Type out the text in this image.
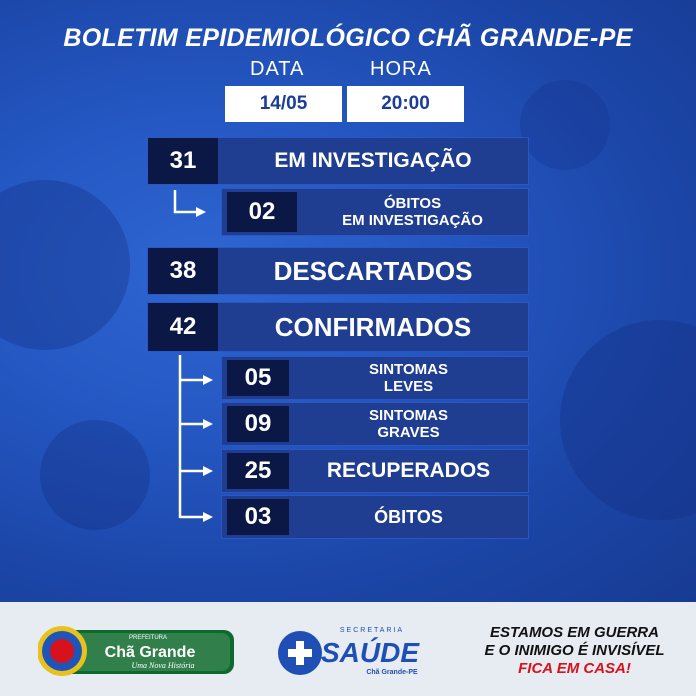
BOLETIM EPIDEMIOLÓGICO CHÃ GRANDE-PE
DATA	HORA
14/05	20:00
31	EM INVESTIGAÇÃO
02	ÓBITOS
EM INVESTIGAÇÃO
38	DESCARTADOS
42	CONFIRMADOS
05	SINTOMAS
LEVES
09	SINTOMAS
GRAVES
25	RECUPERADOS
03	ÓBITOS
PREFEITURA
Chã Grande
Uma Nova História
SECRETARIA
SAÚDE
Chã Grande-PE
ESTAMOS EM GUERRA
E O INIMIGO É INVISÍVEL
FICA EM CASA!
